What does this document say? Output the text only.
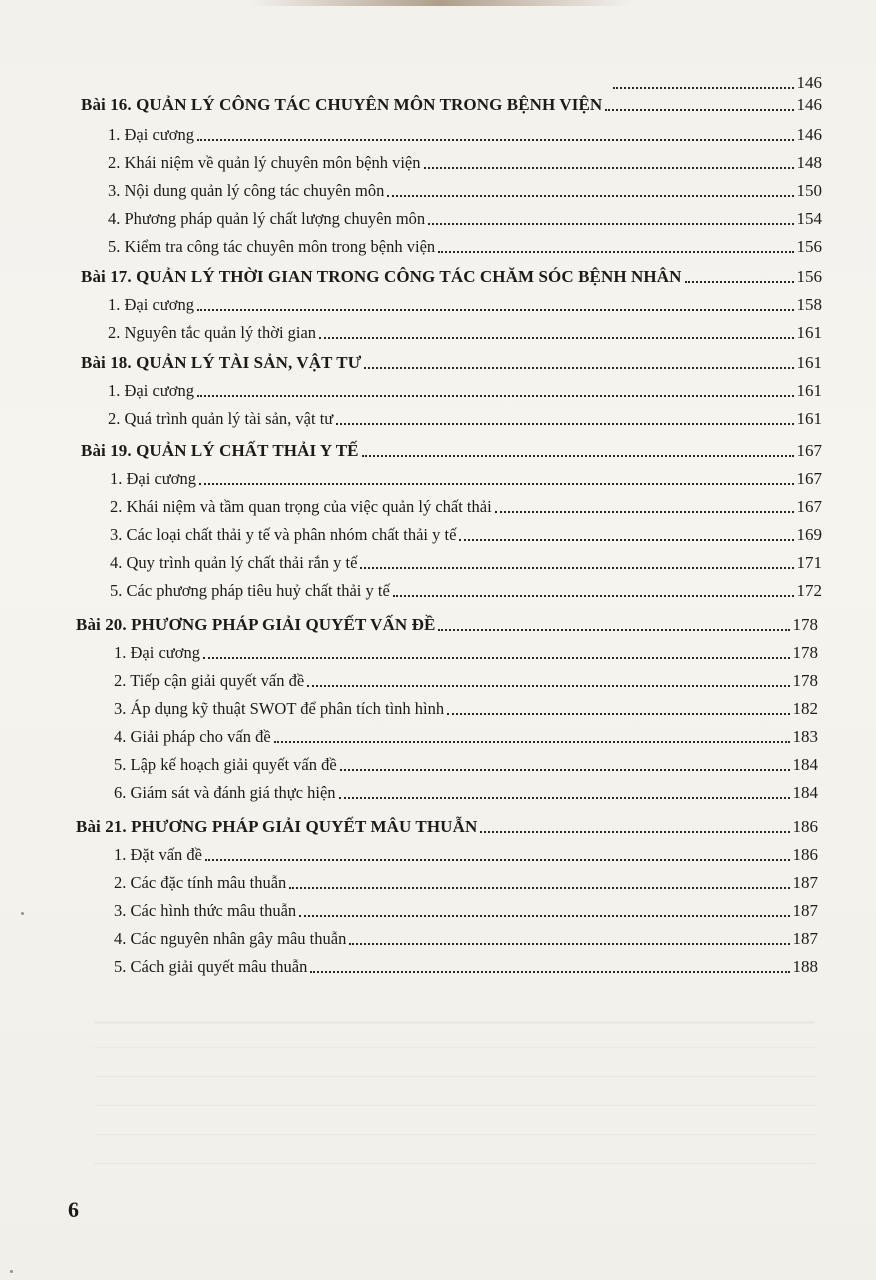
146
Bài 16. QUẢN LÝ CÔNG TÁC CHUYÊN MÔN TRONG BỆNH VIỆN	146
1. Đại cương	146
2. Khái niệm về quản lý chuyên môn bệnh viện	148
3. Nội dung quản lý công tác chuyên môn	150
4. Phương pháp quản lý chất lượng chuyên môn	154
5. Kiểm tra công tác chuyên môn trong bệnh viện	156
Bài 17. QUẢN LÝ THỜI GIAN TRONG CÔNG TÁC CHĂM SÓC BỆNH NHÂN	156
1. Đại cương	158
2. Nguyên tắc quản lý thời gian	161
Bài 18. QUẢN LÝ TÀI SẢN, VẬT TƯ	161
1. Đại cương	161
2. Quá trình quản lý tài sản, vật tư	161
Bài 19. QUẢN LÝ CHẤT THẢI Y TẾ	167
1. Đại cương	167
2. Khái niệm và tầm quan trọng của việc quản lý chất thải	167
3. Các loại chất thải y tế và phân nhóm chất thải y tế	169
4. Quy trình quản lý chất thải rắn y tế	171
5. Các phương pháp tiêu huỷ chất thải y tế	172
Bài 20. PHƯƠNG PHÁP GIẢI QUYẾT VẤN ĐỀ	178
1. Đại cương	178
2. Tiếp cận giải quyết vấn đề	178
3. Áp dụng kỹ thuật SWOT để phân tích tình hình	182
4. Giải pháp cho vấn đề	183
5. Lập kế hoạch giải quyết vấn đề	184
6. Giám sát và đánh giá thực hiện	184
Bài 21. PHƯƠNG PHÁP GIẢI QUYẾT MÂU THUẪN	186
1. Đặt vấn đề	186
2. Các đặc tính mâu thuẫn	187
3. Các hình thức mâu thuẫn	187
4. Các nguyên nhân gây mâu thuẫn	187
5. Cách giải quyết mâu thuẫn	188
6
